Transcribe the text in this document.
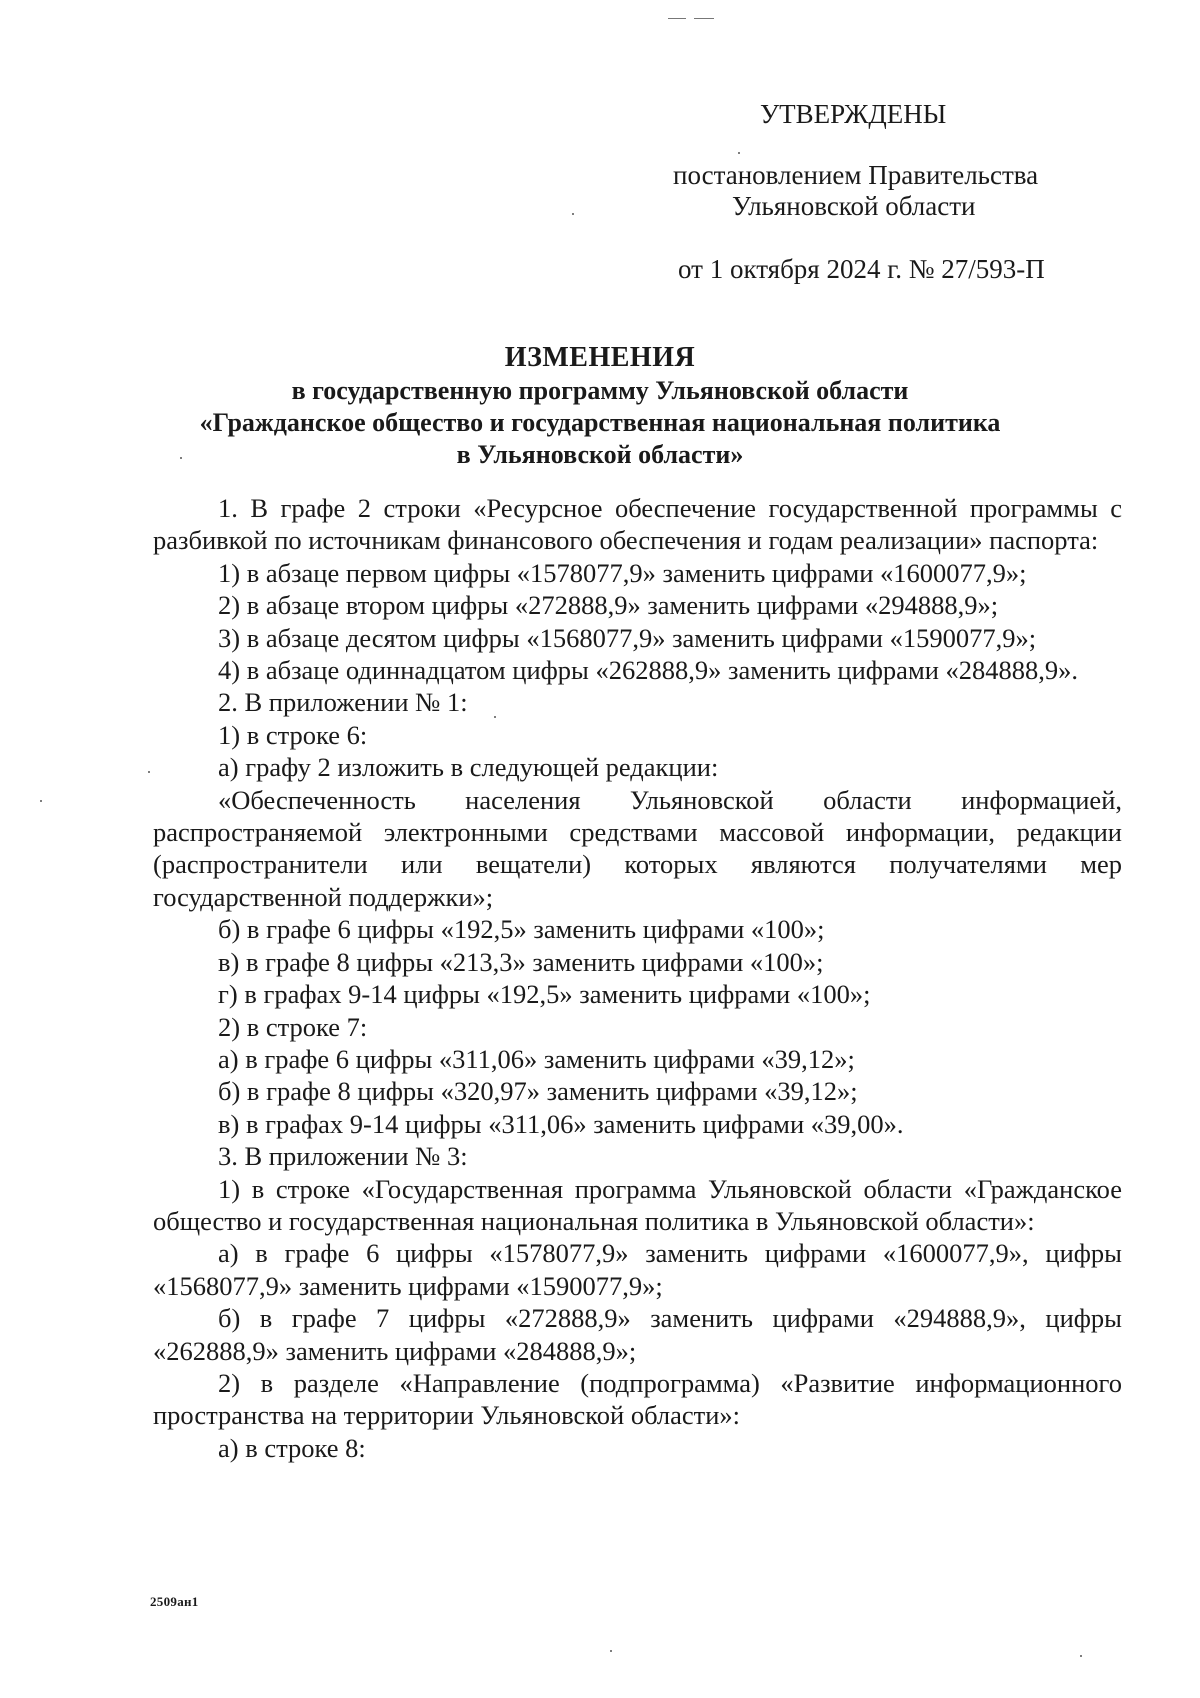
УТВЕРЖДЕНЫ
постановлением Правительства
Ульяновской области
от 1 октября 2024 г. № 27/593-П
ИЗМЕНЕНИЯ
в государственную программу Ульяновской области
«Гражданское общество и государственная национальная политика
в Ульяновской области»

1. В графе 2 строки «Ресурсное обеспечение государственной программы с разбивкой по источникам финансового обеспечения и годам реализации» паспорта:

1) в абзаце первом цифры «1578077,9» заменить цифрами «1600077,9»;

2) в абзаце втором цифры «272888,9» заменить цифрами «294888,9»;

3) в абзаце десятом цифры «1568077,9» заменить цифрами «1590077,9»;

4) в абзаце одиннадцатом цифры «262888,9» заменить цифрами «284888,9».

2. В приложении № 1:

1) в строке 6:

а) графу 2 изложить в следующей редакции:

«Обеспеченность населения Ульяновской области информацией, распространяемой электронными средствами массовой информации, редакции (распространители или вещатели) которых являются получателями мер государственной поддержки»;

б) в графе 6 цифры «192,5» заменить цифрами «100»;

в) в графе 8 цифры «213,3» заменить цифрами «100»;

г) в графах 9-14 цифры «192,5» заменить цифрами «100»;

2) в строке 7:

а) в графе 6 цифры «311,06» заменить цифрами «39,12»;

б) в графе 8 цифры «320,97» заменить цифрами «39,12»;

в) в графах 9-14 цифры «311,06» заменить цифрами «39,00».

3. В приложении № 3:

1) в строке «Государственная программа Ульяновской области «Гражданское общество и государственная национальная политика в Ульяновской области»:

а) в графе 6 цифры «1578077,9» заменить цифрами «1600077,9», цифры «1568077,9» заменить цифрами «1590077,9»;

б) в графе 7 цифры «272888,9» заменить цифрами «294888,9», цифры «262888,9» заменить цифрами «284888,9»;

2) в разделе «Направление (подпрограмма) «Развитие информационного пространства на территории Ульяновской области»:

а) в строке 8:

2509ан1
